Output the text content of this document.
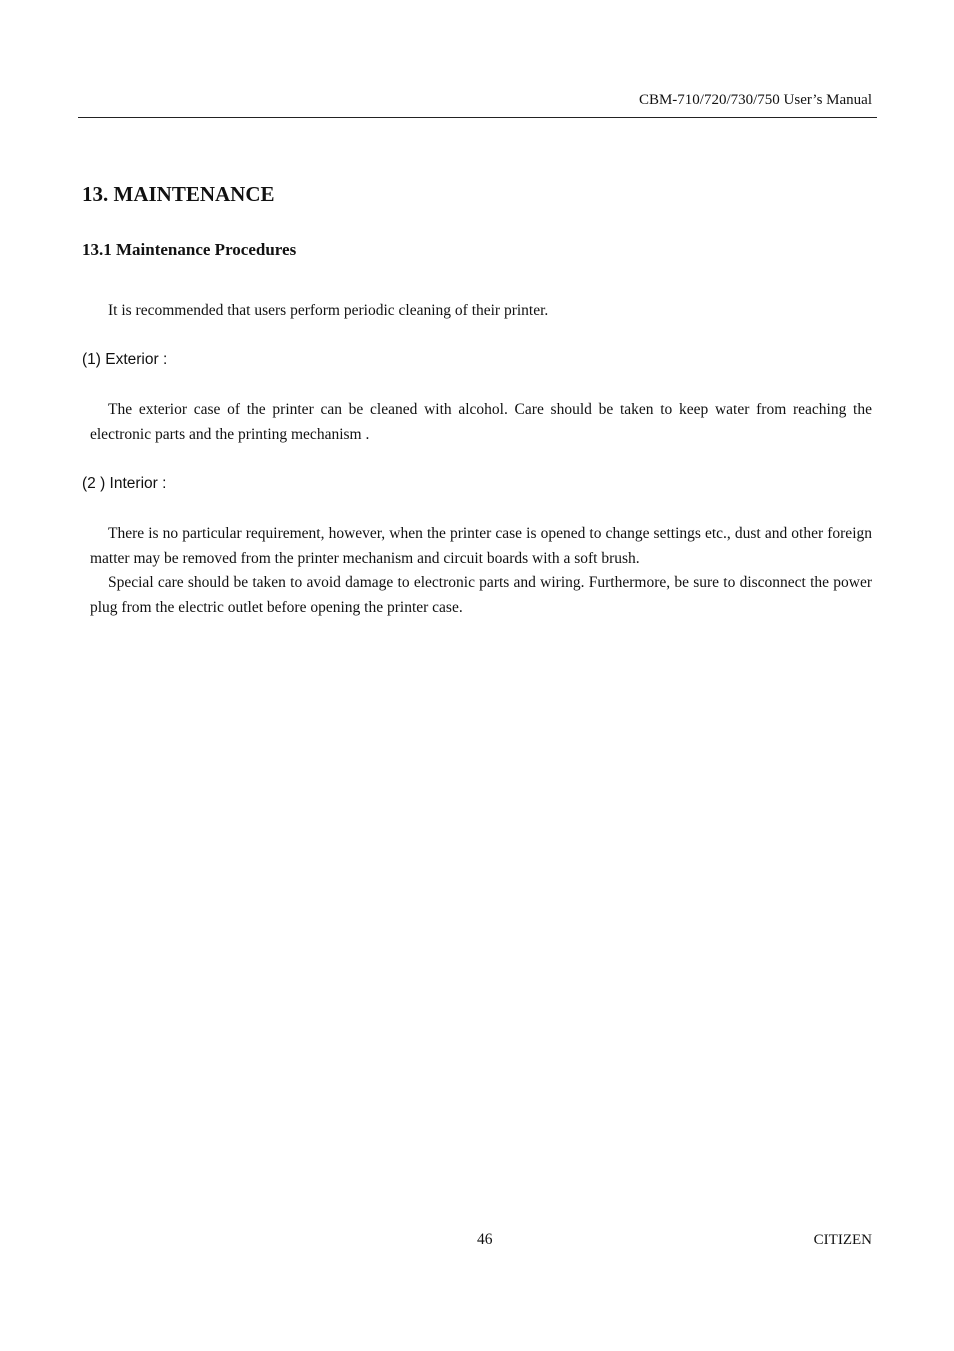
CBM-710/720/730/750 User’s Manual
13. MAINTENANCE
13.1 Maintenance Procedures

It is recommended that users perform periodic cleaning of their printer.

(1) Exterior :

The exterior case of the printer can be cleaned with alcohol. Care should be taken to keep water from reaching the electronic parts and the printing mechanism .

(2 ) Interior :

There is no particular requirement, however, when the printer case is opened to change settings etc., dust and other foreign matter may be removed from the printer mechanism and circuit boards with a soft brush.

Special care should be taken to avoid damage to electronic parts and wiring. Furthermore, be sure to disconnect the power plug from the electric outlet before opening the printer case.

46	CITIZEN
